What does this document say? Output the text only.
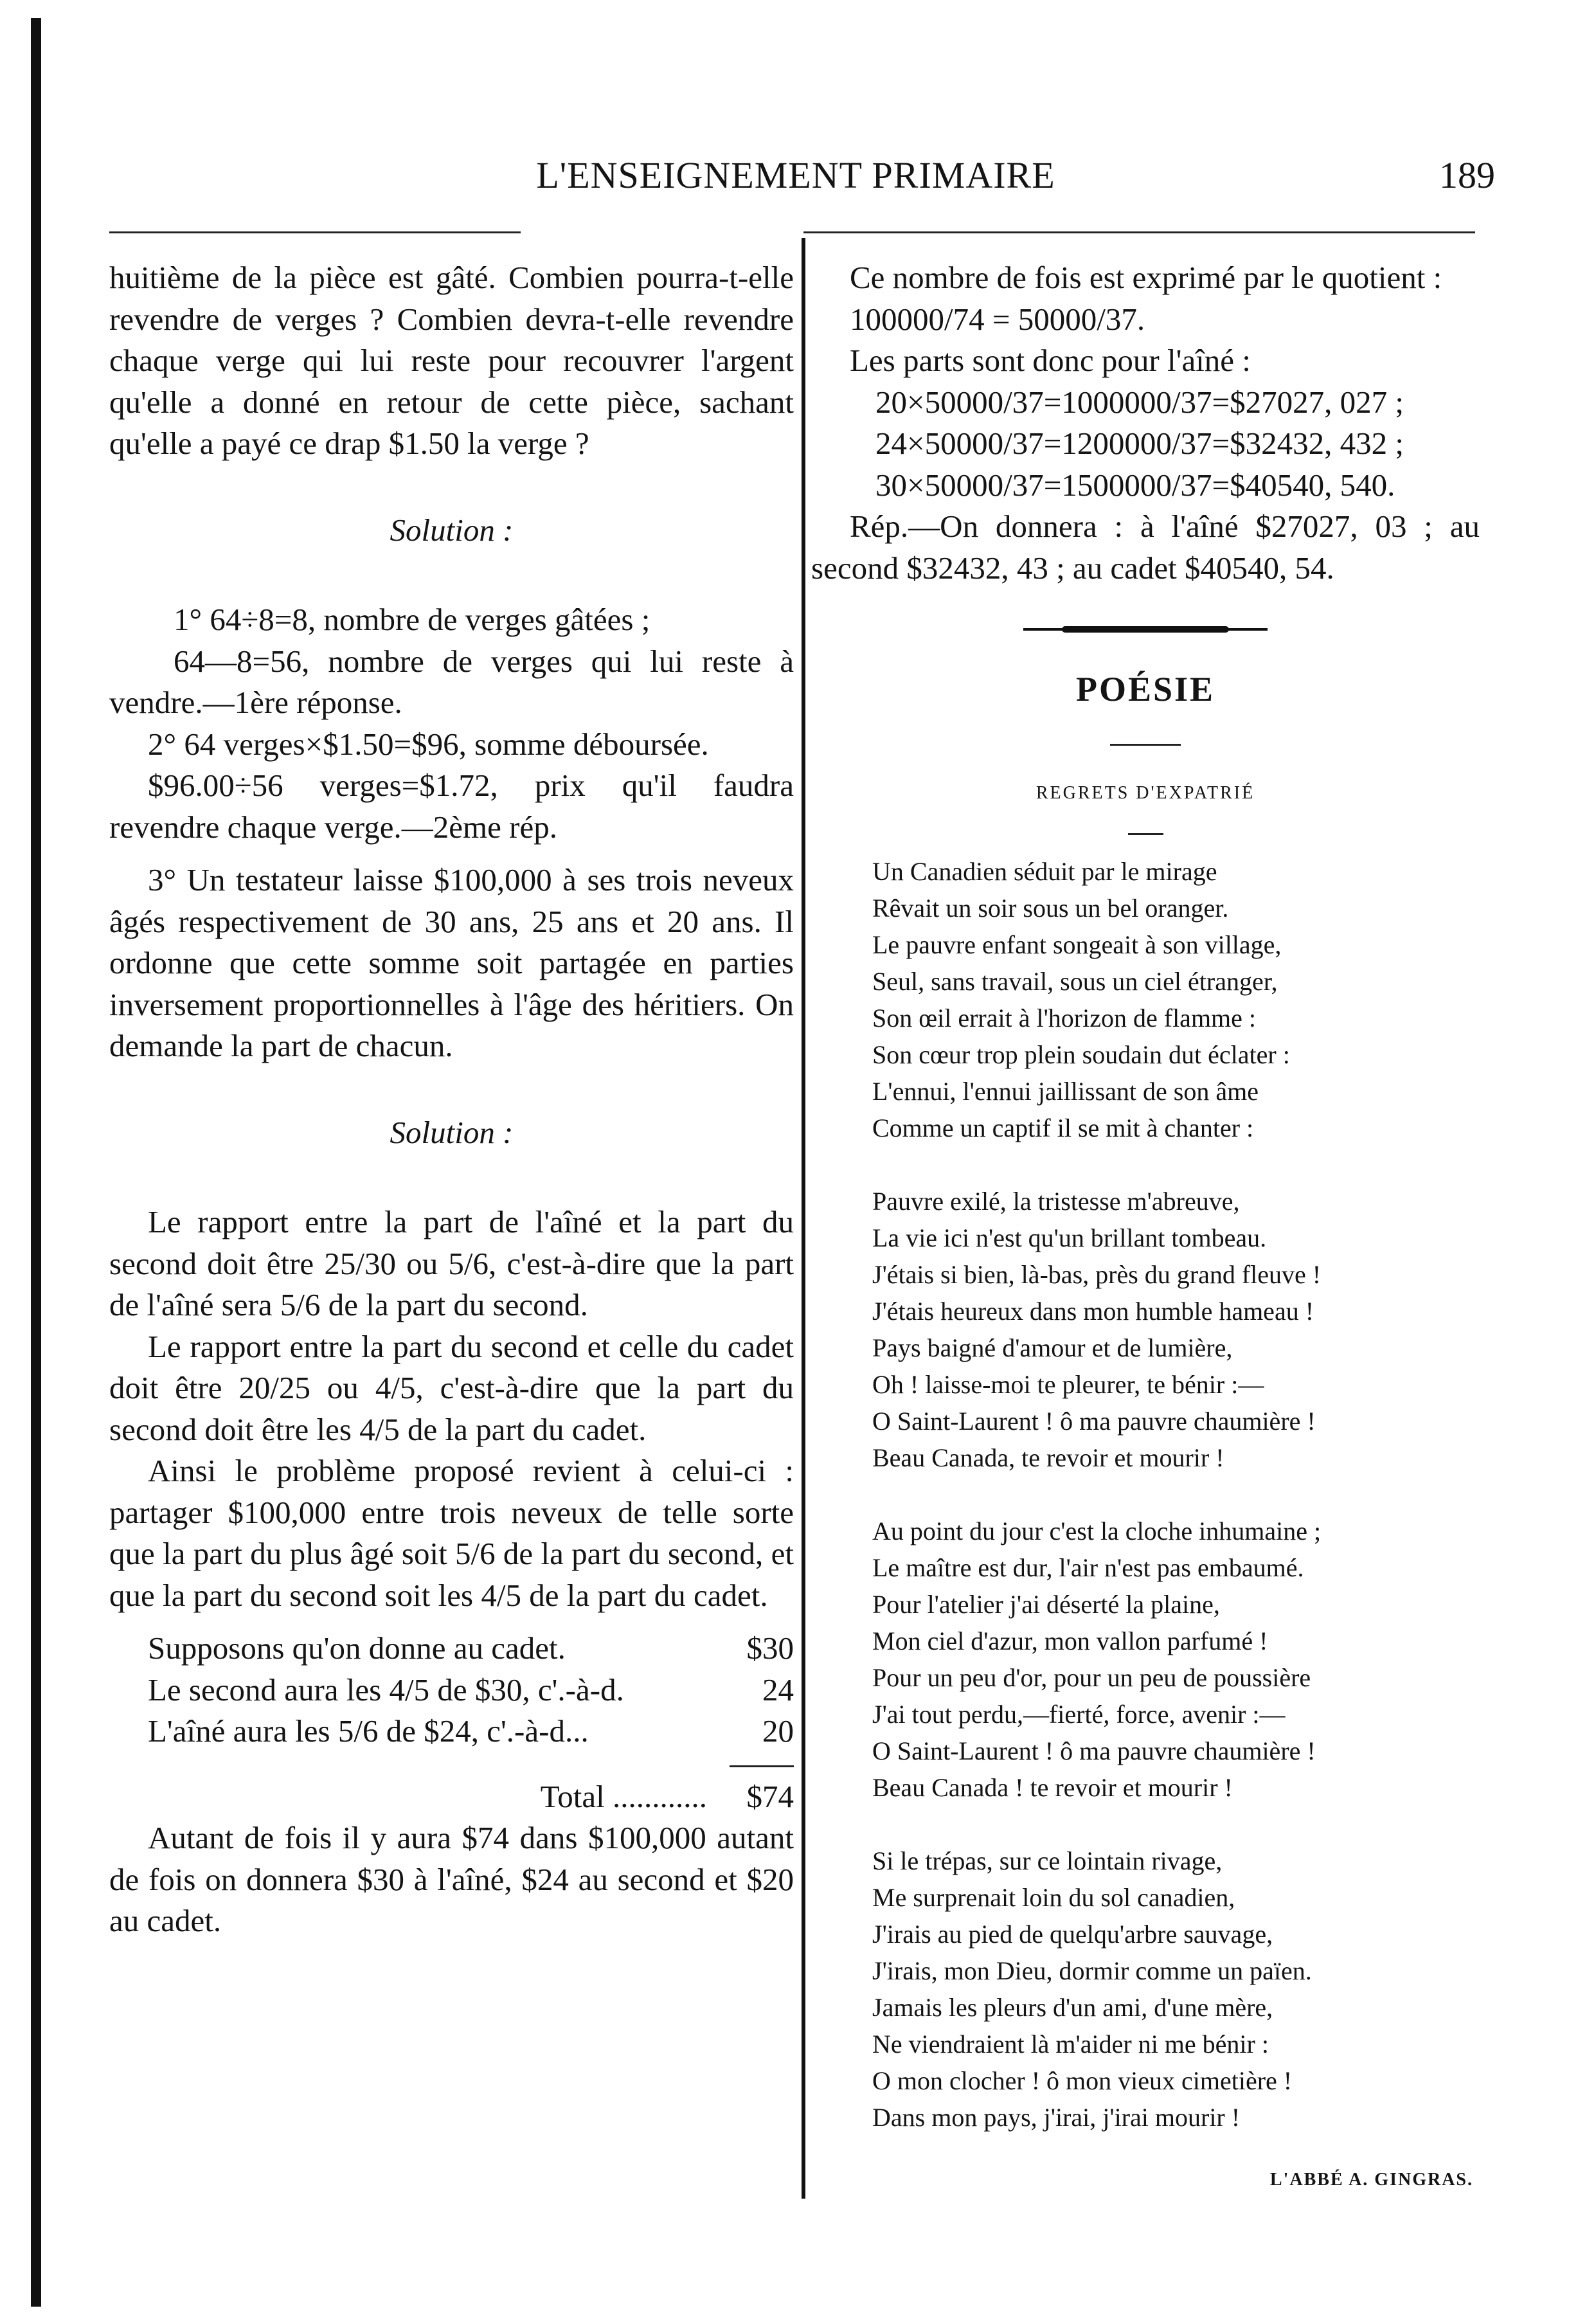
L'ENSEIGNEMENT PRIMAIRE	189

huitième de la pièce est gâté. Combien pourra-t-elle revendre de verges ? Combien devra-t-elle revendre chaque verge qui lui reste pour recouvrer l'argent qu'elle a donné en retour de cette pièce, sachant qu'elle a payé ce drap $1.50 la verge ?

Solution :

1° 64÷8=8, nombre de verges gâtées ;

64—8=56, nombre de verges qui lui reste à vendre.—1ère réponse.

2° 64 verges×$1.50=$96, somme déboursée.

$96.00÷56 verges=$1.72, prix qu'il faudra revendre chaque verge.—2ème rép.

3° Un testateur laisse $100,000 à ses trois neveux âgés respectivement de 30 ans, 25 ans et 20 ans. Il ordonne que cette somme soit partagée en parties inversement proportionnelles à l'âge des héritiers. On demande la part de chacun.

Solution :

Le rapport entre la part de l'aîné et la part du second doit être 25/30 ou 5/6, c'est-à-dire que la part de l'aîné sera 5/6 de la part du second.

Le rapport entre la part du second et celle du cadet doit être 20/25 ou 4/5, c'est-à-dire que la part du second doit être les 4/5 de la part du cadet.

Ainsi le problème proposé revient à celui-ci : partager $100,000 entre trois neveux de telle sorte que la part du plus âgé soit 5/6 de la part du second, et que la part du second soit les 4/5 de la part du cadet.

Supposons qu'on donne au cadet.	$30
Le second aura les 4/5 de $30, c'.-à-d.	24
L'aîné aura les 5/6 de $24, c'.-à-d...	20
Total ............	$74

Autant de fois il y aura $74 dans $100,000 autant de fois on donnera $30 à l'aîné, $24 au second et $20 au cadet.

Ce nombre de fois est exprimé par le quotient :

100000/74 = 50000/37.

Les parts sont donc pour l'aîné :

20×50000/37=1000000/37=$27027, 027 ;

24×50000/37=1200000/37=$32432, 432 ;

30×50000/37=1500000/37=$40540, 540.

Rép.—On donnera : à l'aîné $27027, 03 ; au second $32432, 43 ; au cadet $40540, 54.

POÉSIE
REGRETS D'EXPATRIÉ
Un Canadien séduit par le mirage
Rêvait un soir sous un bel oranger.
Le pauvre enfant songeait à son village,
Seul, sans travail, sous un ciel étranger,
Son œil errait à l'horizon de flamme :
Son cœur trop plein soudain dut éclater :
L'ennui, l'ennui jaillissant de son âme
Comme un captif il se mit à chanter :
Pauvre exilé, la tristesse m'abreuve,
La vie ici n'est qu'un brillant tombeau.
J'étais si bien, là-bas, près du grand fleuve !
J'étais heureux dans mon humble hameau !
Pays baigné d'amour et de lumière,
Oh ! laisse-moi te pleurer, te bénir :—
O Saint-Laurent ! ô ma pauvre chaumière !
Beau Canada, te revoir et mourir !
Au point du jour c'est la cloche inhumaine ;
Le maître est dur, l'air n'est pas embaumé.
Pour l'atelier j'ai déserté la plaine,
Mon ciel d'azur, mon vallon parfumé !
Pour un peu d'or, pour un peu de poussière
J'ai tout perdu,—fierté, force, avenir :—
O Saint-Laurent ! ô ma pauvre chaumière !
Beau Canada ! te revoir et mourir !
Si le trépas, sur ce lointain rivage,
Me surprenait loin du sol canadien,
J'irais au pied de quelqu'arbre sauvage,
J'irais, mon Dieu, dormir comme un païen.
Jamais les pleurs d'un ami, d'une mère,
Ne viendraient là m'aider ni me bénir :
O mon clocher ! ô mon vieux cimetière !
Dans mon pays, j'irai, j'irai mourir !
L'ABBÉ A. GINGRAS.
